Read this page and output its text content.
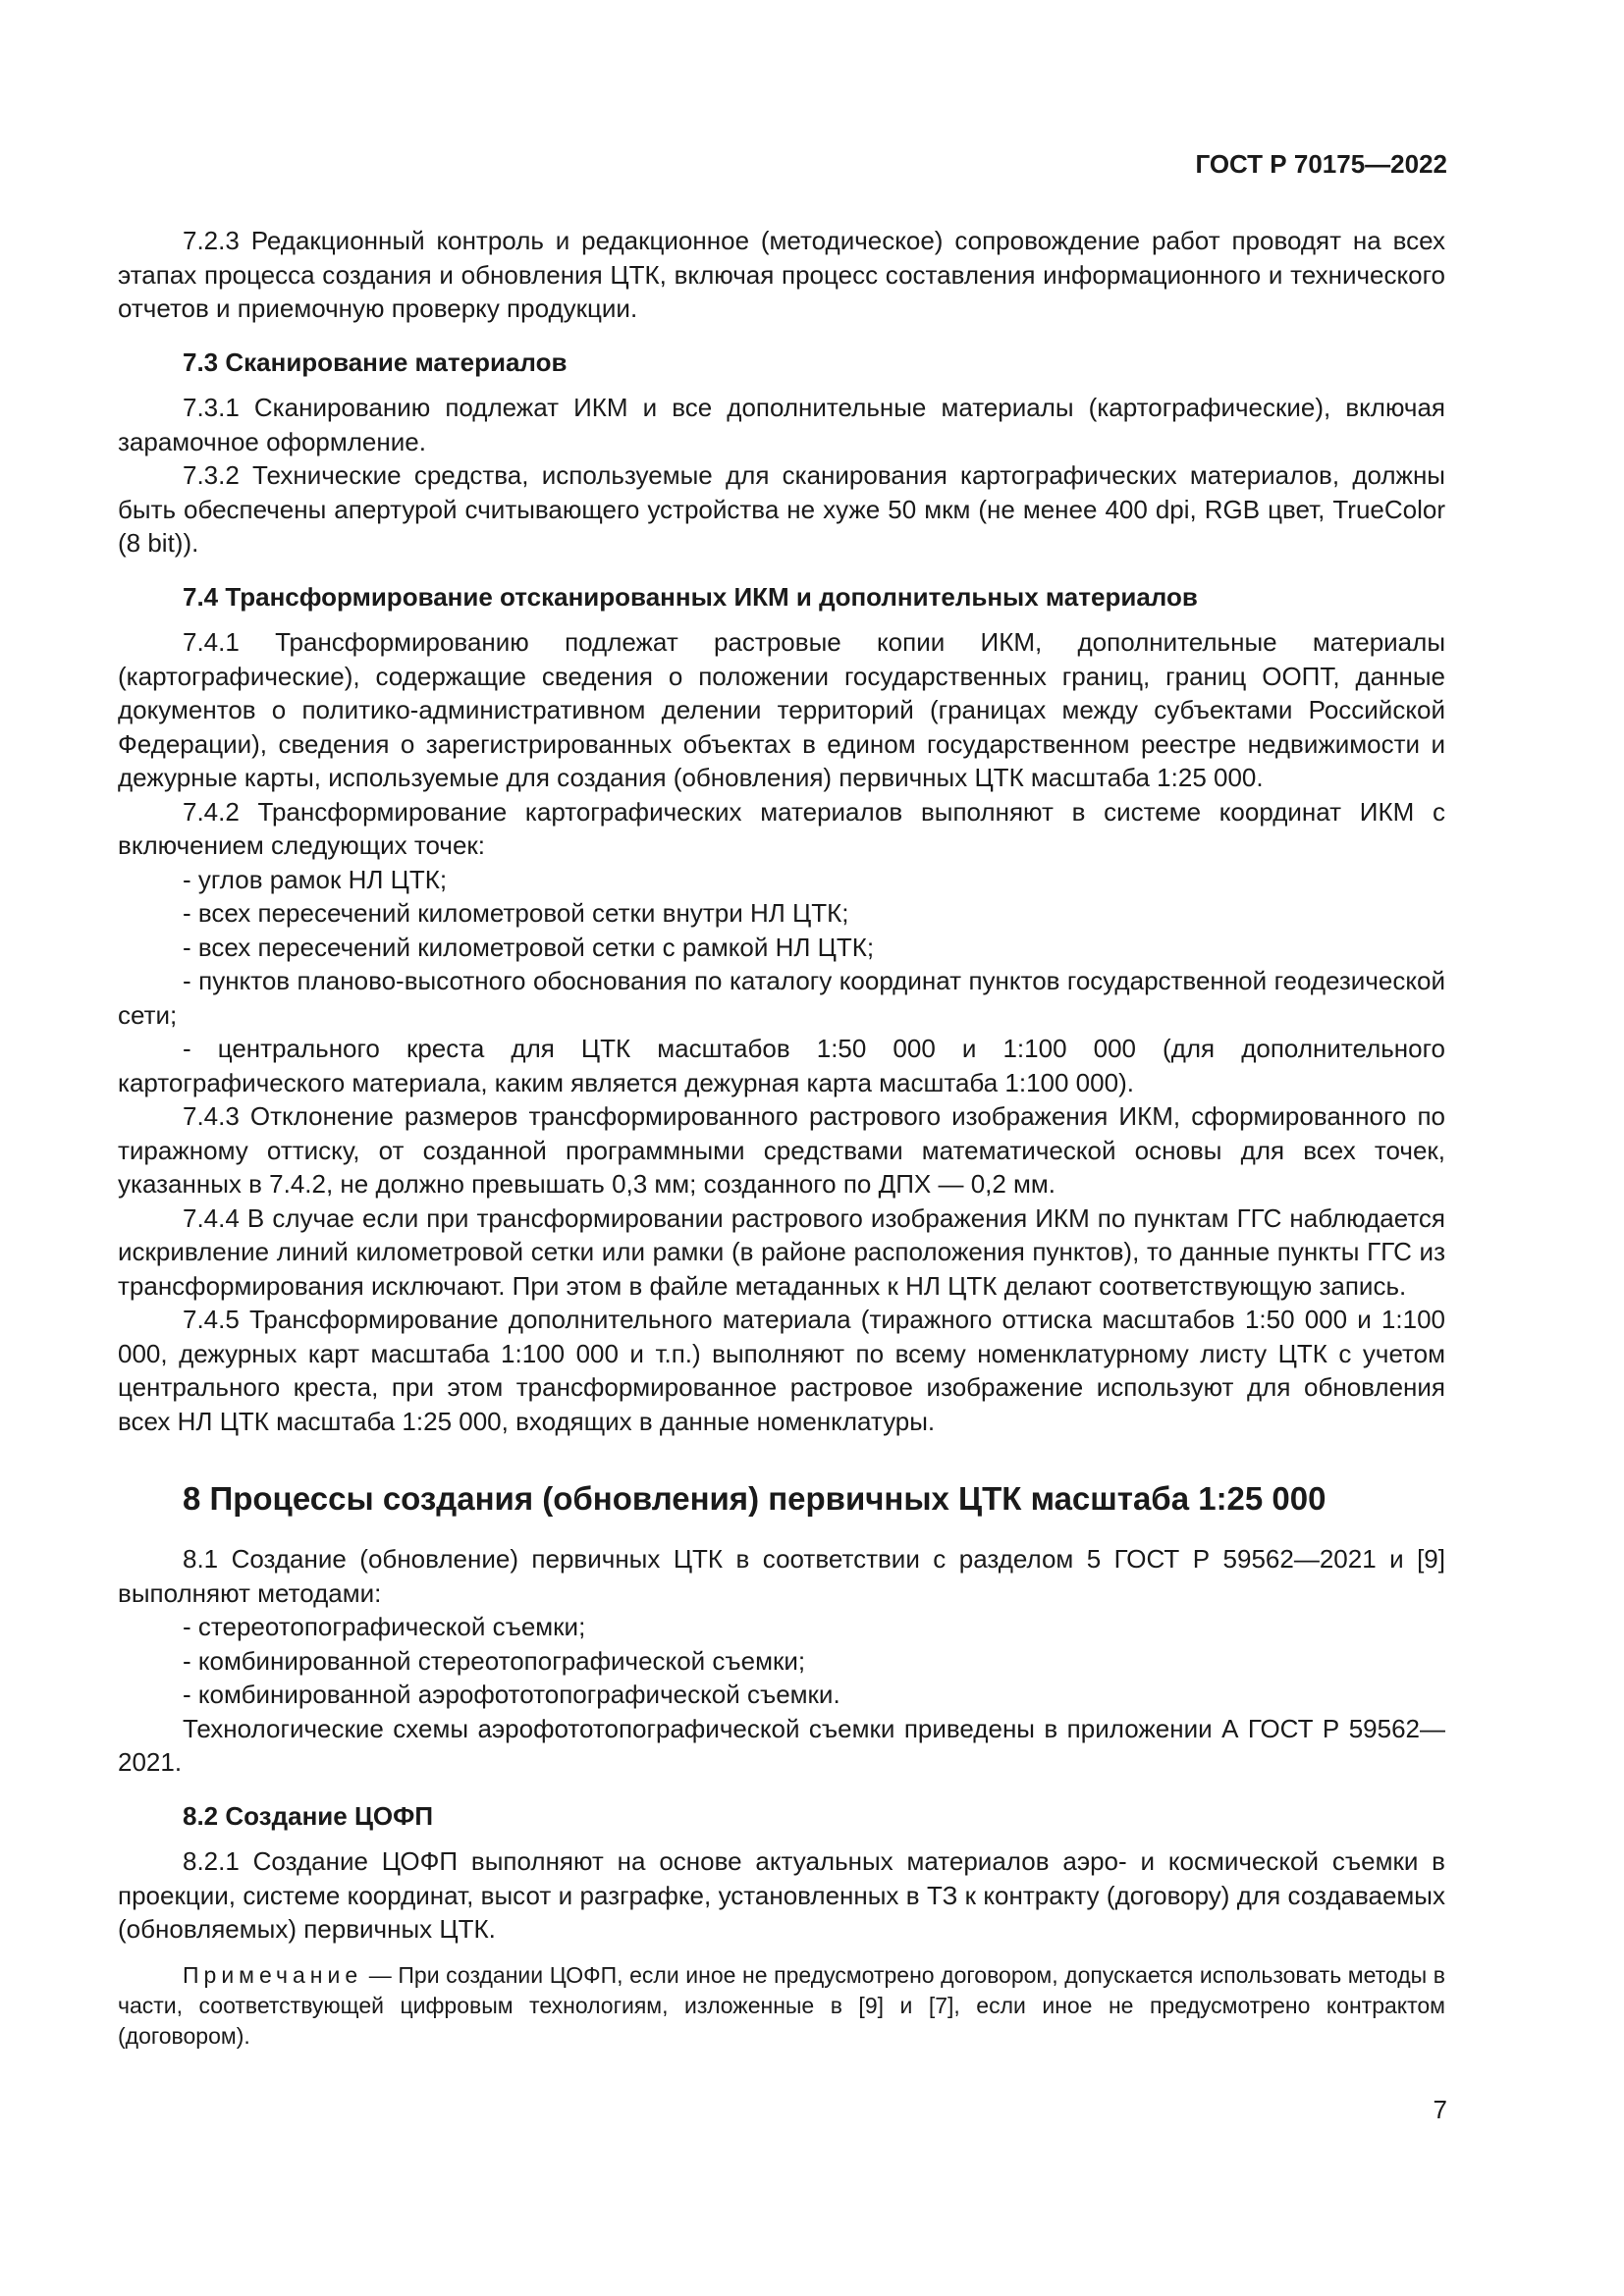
ГОСТ Р 70175—2022

7.2.3 Редакционный контроль и редакционное (методическое) сопровождение работ проводят на всех этапах процесса создания и обновления ЦТК, включая процесс составления информационного и технического отчетов и приемочную проверку продукции.

7.3 Сканирование материалов

7.3.1 Сканированию подлежат ИКМ и все дополнительные материалы (картографические), включая зарамочное оформление.

7.3.2 Технические средства, используемые для сканирования картографических материалов, должны быть обеспечены апертурой считывающего устройства не хуже 50 мкм (не менее 400 dpi, RGB цвет, TrueColor (8 bit)).

7.4 Трансформирование отсканированных ИКМ и дополнительных материалов

7.4.1 Трансформированию подлежат растровые копии ИКМ, дополнительные материалы (картографические), содержащие сведения о положении государственных границ, границ ООПТ, данные документов о политико-административном делении территорий (границах между субъектами Российской Федерации), сведения о зарегистрированных объектах в едином государственном реестре недвижимости и дежурные карты, используемые для создания (обновления) первичных ЦТК масштаба 1:25 000.

7.4.2 Трансформирование картографических материалов выполняют в системе координат ИКМ с включением следующих точек:

- углов рамок НЛ ЦТК;

- всех пересечений километровой сетки внутри НЛ ЦТК;

- всех пересечений километровой сетки с рамкой НЛ ЦТК;

- пунктов планово-высотного обоснования по каталогу координат пунктов государственной геодезической сети;

- центрального креста для ЦТК масштабов 1:50 000 и 1:100 000 (для дополнительного картографического материала, каким является дежурная карта масштаба 1:100 000).

7.4.3 Отклонение размеров трансформированного растрового изображения ИКМ, сформированного по тиражному оттиску, от созданной программными средствами математической основы для всех точек, указанных в 7.4.2, не должно превышать 0,3 мм; созданного по ДПХ — 0,2 мм.

7.4.4 В случае если при трансформировании растрового изображения ИКМ по пунктам ГГС наблюдается искривление линий километровой сетки или рамки (в районе расположения пунктов), то данные пункты ГГС из трансформирования исключают. При этом в файле метаданных к НЛ ЦТК делают соответствующую запись.

7.4.5 Трансформирование дополнительного материала (тиражного оттиска масштабов 1:50 000 и 1:100 000, дежурных карт масштаба 1:100 000 и т.п.) выполняют по всему номенклатурному листу ЦТК с учетом центрального креста, при этом трансформированное растровое изображение используют для обновления всех НЛ ЦТК масштаба 1:25 000, входящих в данные номенклатуры.

8 Процессы создания (обновления) первичных ЦТК масштаба 1:25 000

8.1 Создание (обновление) первичных ЦТК в соответствии с разделом 5 ГОСТ Р 59562—2021 и [9] выполняют методами:

- стереотопографической съемки;

- комбинированной стереотопографической съемки;

- комбинированной аэрофототопографической съемки.

Технологические схемы аэрофототопографической съемки приведены в приложении А ГОСТ Р 59562—2021.

8.2 Создание ЦОФП

8.2.1 Создание ЦОФП выполняют на основе актуальных материалов аэро- и космической съемки в проекции, системе координат, высот и разграфке, установленных в ТЗ к контракту (договору) для создаваемых (обновляемых) первичных ЦТК.

Примечание — При создании ЦОФП, если иное не предусмотрено договором, допускается использовать методы в части, соответствующей цифровым технологиям, изложенные в [9] и [7], если иное не предусмотрено контрактом (договором).

7
